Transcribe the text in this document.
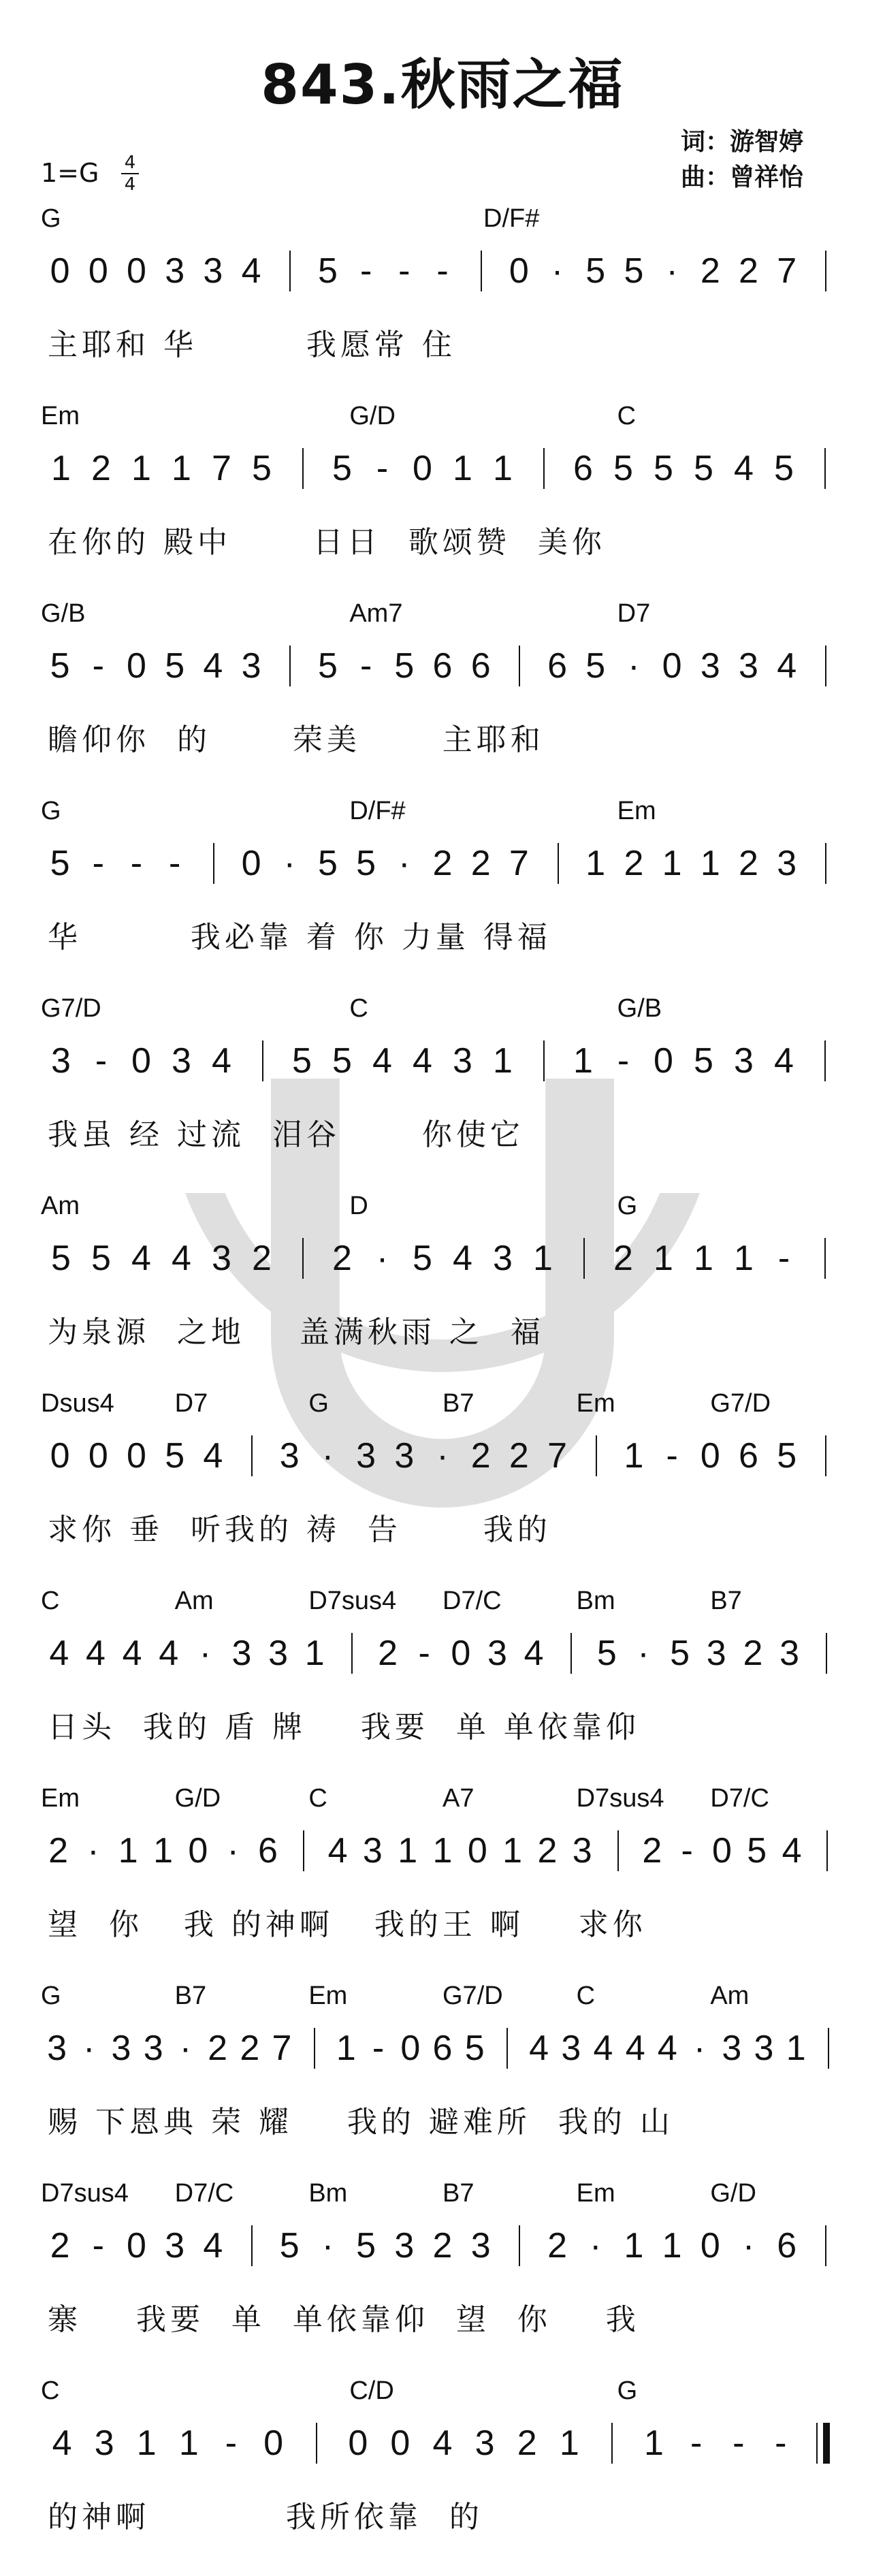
843.秋雨之福
词：游智婷
曲：曾祥怡
1=G 4
4
G	D/F#
0 0 0 3 3 4 5 - - - 0 · 5 5 · 2 2 7
主耶和 华        我愿常 住
Em	G/D	C
1 2 1 1 7 5 5 - 0 1 1 6 5 5 5 4 5
在你的 殿中      日日  歌颂赞  美你
G/B	Am7	D7
5 - 0 5 4 3 5 - 5 6 6 6 5 · 0 3 3 4
瞻仰你  的      荣美      主耶和
G	D/F#	Em
5 - - - 0 · 5 5 · 2 2 7 1 2 1 1 2 3
华        我必靠 着 你 力量 得福
G7/D	C	G/B
3 - 0 3 4 5 5 4 4 3 1 1 - 0 5 3 4
我虽 经 过流  泪谷      你使它
Am	D	G
5 5 4 4 3 2 2 · 5 4 3 1 2 1 1 1 -
为泉源  之地    盖满秋雨 之  福
Dsus4 D7	G	B7	Em	G7/D
0 0 0 5 4 3 · 3 3 · 2 2 7 1 - 0 6 5
求你 垂  听我的 祷  告      我的
C	Am	D7sus4 D7/C	Bm	B7
4 4 4 4 · 3 3 1 2 - 0 3 4 5 · 5 3 2 3
日头  我的 盾 牌    我要  单 单依靠仰
Em	G/D	C	A7	D7sus4 D7/C
2 · 1 1 0 · 6 4 3 1 1 0 1 2 3 2 - 0 5 4
望  你   我 的神啊   我的王 啊    求你
G	B7	Em	G7/D	C	Am
3 · 3 3 · 2 2 7 1 - 0 6 5 4 3 4 4 4 · 3 3 1
赐 下恩典 荣 耀    我的 避难所  我的 山
D7sus4 D7/C	Bm	B7	Em	G/D
2 - 0 3 4 5 · 5 3 2 3 2 · 1 1 0 · 6
寨    我要  单  单依靠仰  望  你    我
C	C/D	G
4 3 1 1 - 0 0 0 4 3 2 1 1 - - -
的神啊          我所依靠  的
